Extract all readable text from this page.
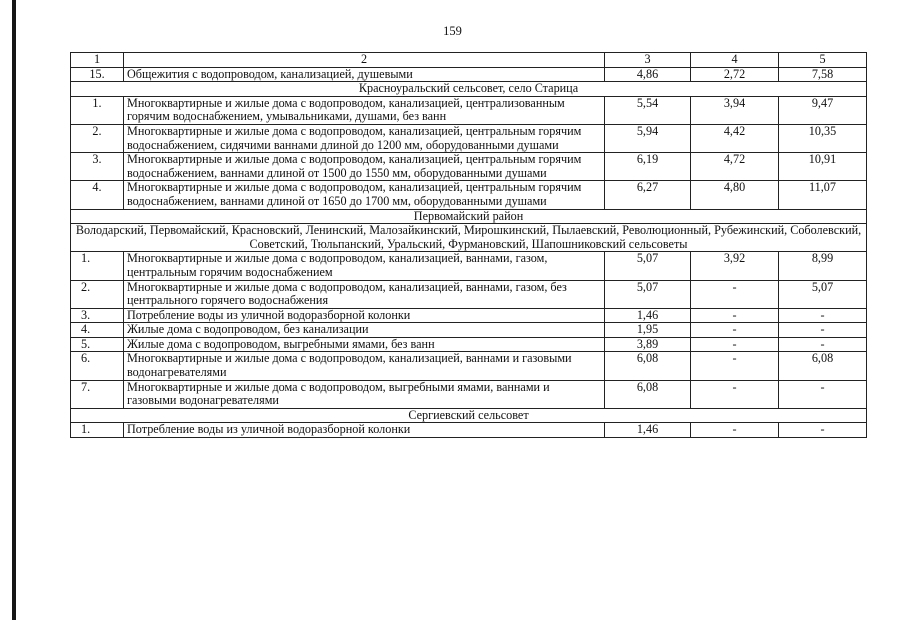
159
1	2	3	4	5
15.	Общежития с водопроводом, канализацией, душевыми	4,86	2,72	7,58
Красноуральский сельсовет, село Старица				
1.	Многоквартирные и жилые дома с водопроводом, канализацией, централизованным горячим водоснабжением, умывальниками, душами, без ванн	5,54	3,94	9,47
2.	Многоквартирные и жилые дома с водопроводом, канализацией, центральным горячим водоснабжением, сидячими ваннами длиной до 1200 мм, оборудованными душами	5,94	4,42	10,35
3.	Многоквартирные и жилые дома с водопроводом, канализацией, центральным горячим водоснабжением, ваннами длиной от 1500 до 1550 мм, оборудованными душами	6,19	4,72	10,91
4.	Многоквартирные и жилые дома с водопроводом, канализацией, центральным горячим водоснабжением, ваннами длиной от 1650 до 1700 мм, оборудованными душами	6,27	4,80	11,07
Первомайский район				
Володарский, Первомайский, Красновский, Ленинский, Малозайкинский, Мирошкинский, Пылаевский, Революционный, Рубежинский, Соболевский, Советский, Тюльпанский, Уральский, Фурмановский, Шапошниковский сельсоветы				
1.	Многоквартирные и жилые дома с водопроводом, канализацией, ваннами, газом, центральным горячим водоснабжением	5,07	3,92	8,99
2.	Многоквартирные и жилые дома с водопроводом, канализацией, ваннами, газом, без центрального горячего водоснабжения	5,07	-	5,07
3.	Потребление воды из уличной водоразборной колонки	1,46	-	-
4.	Жилые дома с водопроводом, без канализации	1,95	-	-
5.	Жилые дома с водопроводом, выгребными ямами, без ванн	3,89	-	-
6.	Многоквартирные и жилые дома с водопроводом, канализацией, ваннами и газовыми водонагревателями	6,08	-	6,08
7.	Многоквартирные и жилые дома с водопроводом, выгребными ямами, ваннами и газовыми водонагревателями	6,08	-	-
Сергиевский сельсовет				
1.	Потребление воды из уличной водоразборной колонки	1,46	-	-
